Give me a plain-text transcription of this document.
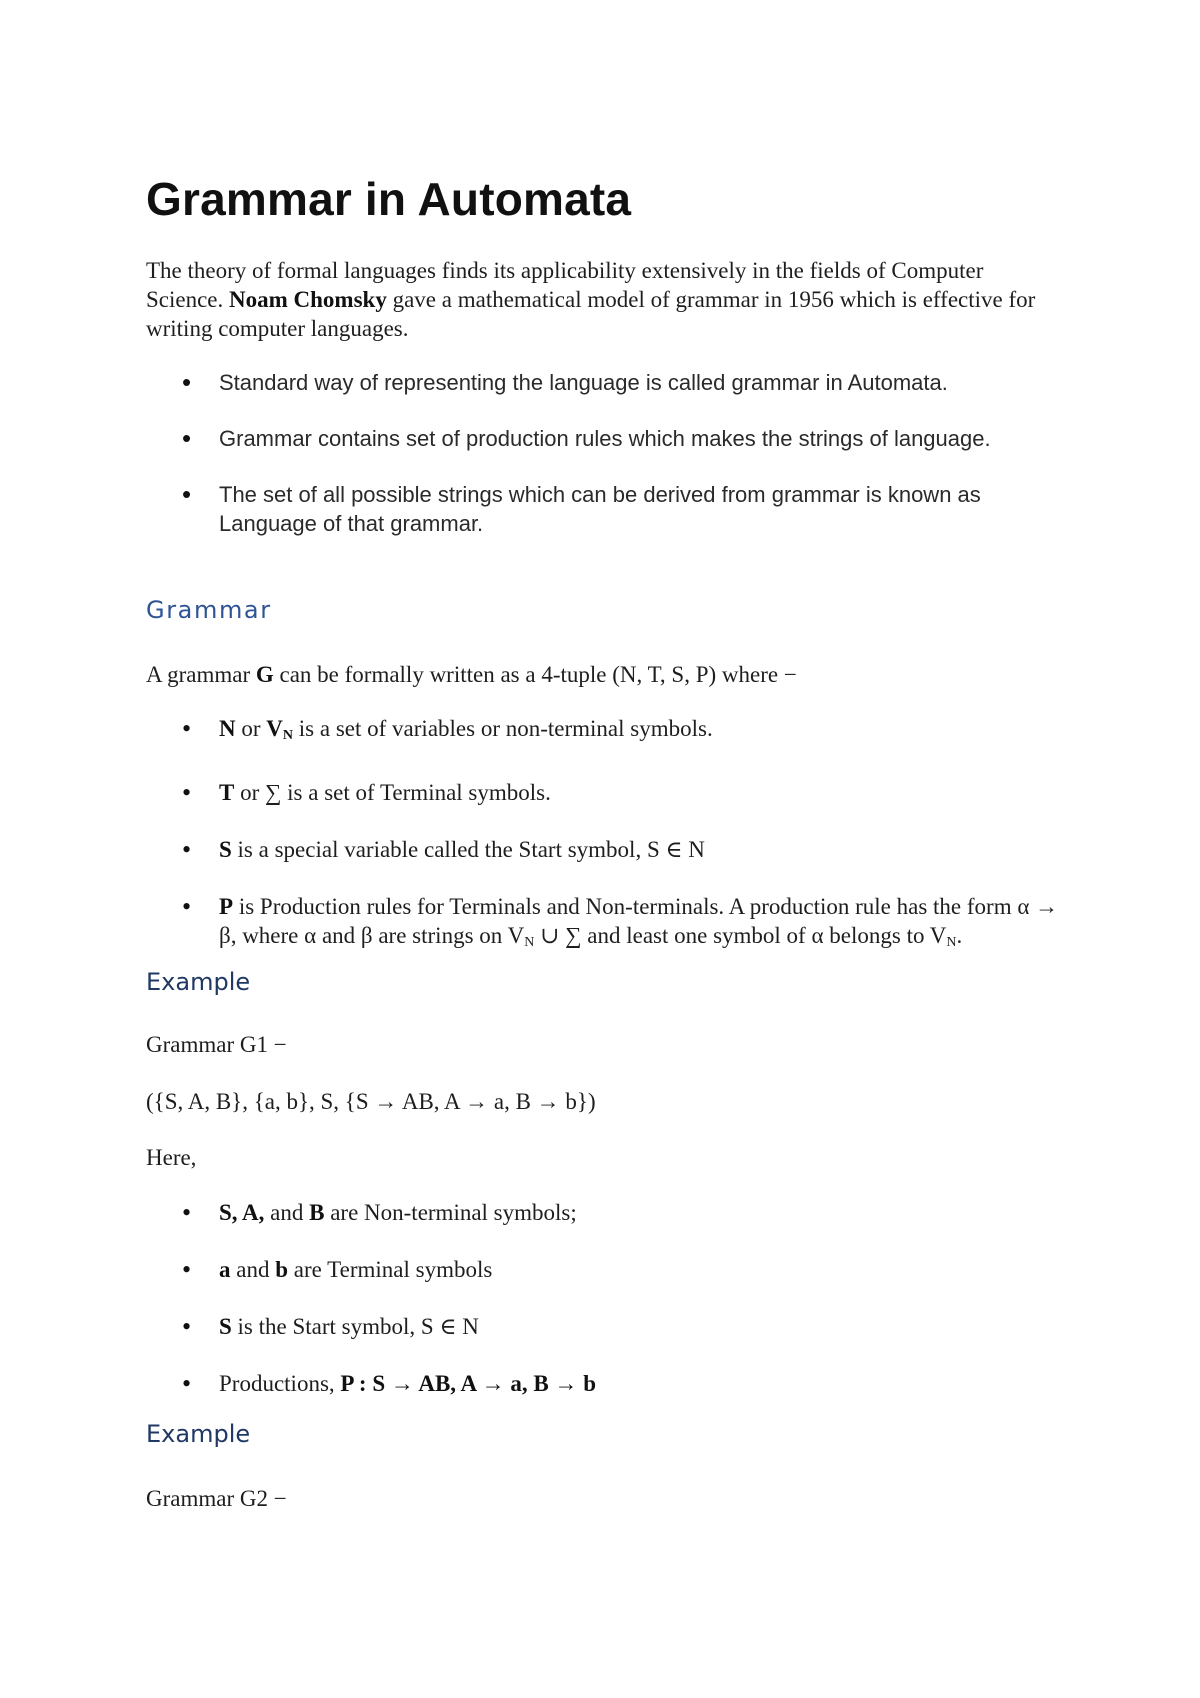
Grammar in Automata

The theory of formal languages finds its applicability extensively in the fields of Computer Science. Noam Chomsky gave a mathematical model of grammar in 1956 which is effective for writing computer languages.

• Standard way of representing the language is called grammar in Automata.
• Grammar contains set of production rules which makes the strings of language.
• The set of all possible strings which can be derived from grammar is known as Language of that grammar.
Grammar

A grammar G can be formally written as a 4-tuple (N, T, S, P) where −

• N or $V_N$ is a set of variables or non-terminal symbols.
• T or ∑ is a set of Terminal symbols.
• S is a special variable called the Start symbol, S ∈ N
• P is Production rules for Terminals and Non-terminals. A production rule has the form α → β, where α and β are strings on $V_N$ ∪ ∑ and least one symbol of α belongs to $V_N$.
Example

Grammar G1 −

({S, A, B}, {a, b}, S, {S → AB, A → a, B → b})

Here,

• S, A, and B are Non-terminal symbols;
• a and b are Terminal symbols
• S is the Start symbol, S ∈ N
• Productions, P : S → AB, A → a, B → b
Example

Grammar G2 −
